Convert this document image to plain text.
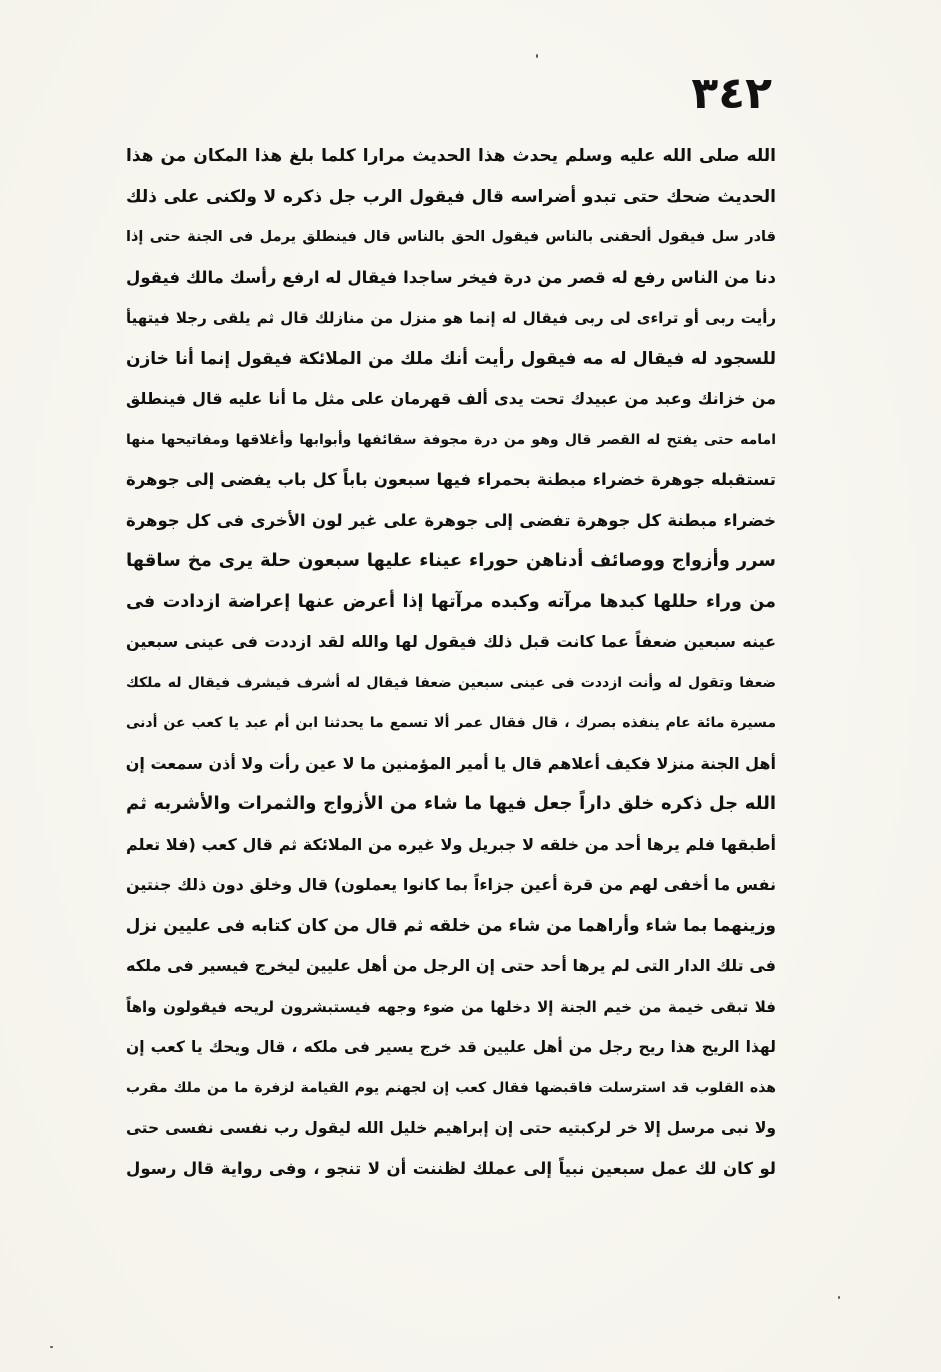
٣٤٢
الله صلى الله عليه وسلم يحدث هذا الحديث مرارا كلما بلغ هذا المكان من هذا
الحديث ضحك حتى تبدو أضراسه قال فيقول الرب جل ذكره لا ولكنى على ذلك
قادر سل فيقول ألحقنى بالناس فيقول الحق بالناس قال فينطلق يرمل فى الجنة حتى إذا
دنا من الناس رفع له قصر من درة فيخر ساجدا فيقال له ارفع رأسك مالك فيقول
رأيت ربى أو تراءى لى ربى فيقال له إنما هو منزل من منازلك قال ثم يلقى رجلا فيتهيأ
للسجود له فيقال له مه فيقول رأيت أنك ملك من الملائكة فيقول إنما أنا خازن
من خزانك وعبد من عبيدك تحت يدى ألف قهرمان على مثل ما أنا عليه قال فينطلق
امامه حتى يفتح له القصر قال وهو من درة مجوفة سقائفها وأبوابها وأغلاقها ومفاتيحها منها
تستقبله جوهرة خضراء مبطنة بحمراء فيها سبعون باباً كل باب يفضى إلى جوهرة
خضراء مبطنة كل جوهرة تفضى إلى جوهرة على غير لون الأخرى فى كل جوهرة
سرر وأزواج ووصائف أدناهن حوراء عيناء عليها سبعون حلة يرى مخ ساقها
من وراء حللها كبدها مرآته وكبده مرآتها إذا أعرض عنها إعراضة ازدادت فى
عينه سبعين ضعفاً عما كانت قبل ذلك فيقول لها والله لقد ازددت فى عينى سبعين
ضعفا وتقول له وأنت ازددت فى عينى سبعين ضعفا فيقال له أشرف فيشرف فيقال له ملكك
مسيرة مائة عام ينفذه بصرك ، قال فقال عمر ألا تسمع ما يحدثنا ابن أم عبد يا كعب عن أدنى
أهل الجنة منزلا فكيف أعلاهم قال يا أمير المؤمنين ما لا عين رأت ولا أذن سمعت إن
الله جل ذكره خلق داراً جعل فيها ما شاء من الأزواج والثمرات والأشربه ثم
أطبقها فلم يرها أحد من خلقه لا جبريل ولا غيره من الملائكة ثم قال كعب (فلا تعلم
نفس ما أخفى لهم من قرة أعين جزاءاً بما كانوا يعملون) قال وخلق دون ذلك جنتين
وزينهما بما شاء وأراهما من شاء من خلقه ثم قال من كان كتابه فى عليين نزل
فى تلك الدار التى لم يرها أحد حتى إن الرجل من أهل عليين ليخرج فيسير فى ملكه
فلا تبقى خيمة من خيم الجنة إلا دخلها من ضوء وجهه فيستبشرون لريحه فيقولون واهاً
لهذا الريح هذا ريح رجل من أهل عليين قد خرج يسير فى ملكه ، قال ويحك يا كعب إن
هذه القلوب قد استرسلت فاقبضها فقال كعب إن لجهنم يوم القيامة لزفرة ما من ملك مقرب
ولا نبى مرسل إلا خر لركبتيه حتى إن إبراهيم خليل الله ليقول رب نفسى نفسى حتى
لو كان لك عمل سبعين نبياً إلى عملك لظننت أن لا تنجو ، وفى رواية قال رسول
